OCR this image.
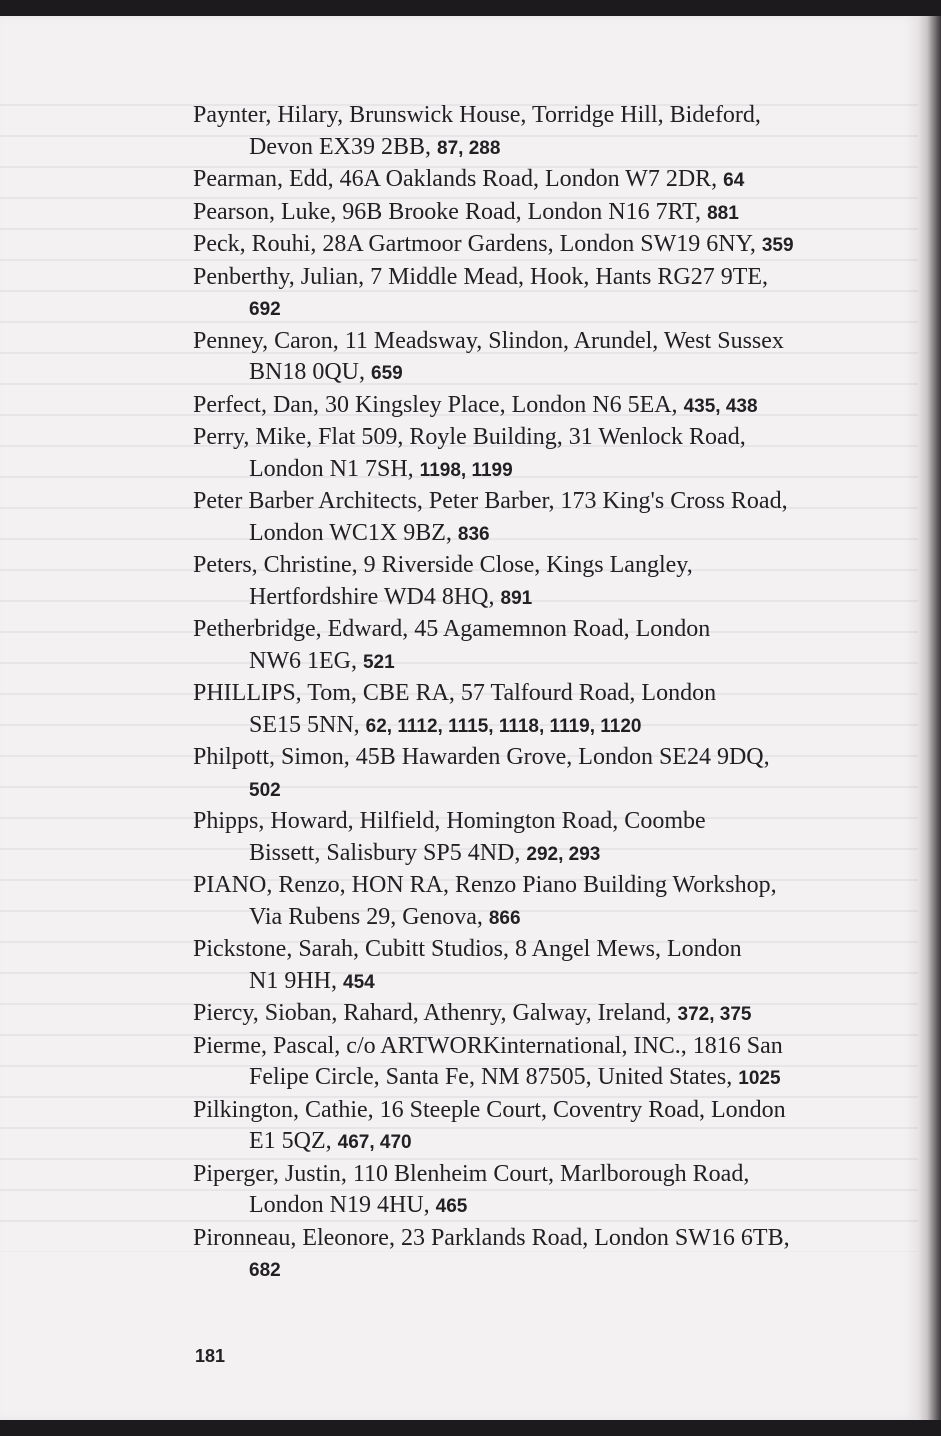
Paynter, Hilary, Brunswick House, Torridge Hill, Bideford,
Devon EX39 2BB, 87, 288
Pearman, Edd, 46A Oaklands Road, London W7 2DR, 64
Pearson, Luke, 96B Brooke Road, London N16 7RT, 881
Peck, Rouhi, 28A Gartmoor Gardens, London SW19 6NY, 359
Penberthy, Julian, 7 Middle Mead, Hook, Hants RG27 9TE,
692
Penney, Caron, 11 Meadsway, Slindon, Arundel, West Sussex
BN18 0QU, 659
Perfect, Dan, 30 Kingsley Place, London N6 5EA, 435, 438
Perry, Mike, Flat 509, Royle Building, 31 Wenlock Road,
London N1 7SH, 1198, 1199
Peter Barber Architects, Peter Barber, 173 King's Cross Road,
London WC1X 9BZ, 836
Peters, Christine, 9 Riverside Close, Kings Langley,
Hertfordshire WD4 8HQ, 891
Petherbridge, Edward, 45 Agamemnon Road, London
NW6 1EG, 521
PHILLIPS, Tom, CBE RA, 57 Talfourd Road, London
SE15 5NN, 62, 1112, 1115, 1118, 1119, 1120
Philpott, Simon, 45B Hawarden Grove, London SE24 9DQ,
502
Phipps, Howard, Hilfield, Homington Road, Coombe
Bissett, Salisbury SP5 4ND, 292, 293
PIANO, Renzo, HON RA, Renzo Piano Building Workshop,
Via Rubens 29, Genova, 866
Pickstone, Sarah, Cubitt Studios, 8 Angel Mews, London
N1 9HH, 454
Piercy, Sioban, Rahard, Athenry, Galway, Ireland, 372, 375
Pierme, Pascal, c/o ARTWORKinternational, INC., 1816 San
Felipe Circle, Santa Fe, NM 87505, United States, 1025
Pilkington, Cathie, 16 Steeple Court, Coventry Road, London
E1 5QZ, 467, 470
Piperger, Justin, 110 Blenheim Court, Marlborough Road,
London N19 4HU, 465
Pironneau, Eleonore, 23 Parklands Road, London SW16 6TB,
682
181
